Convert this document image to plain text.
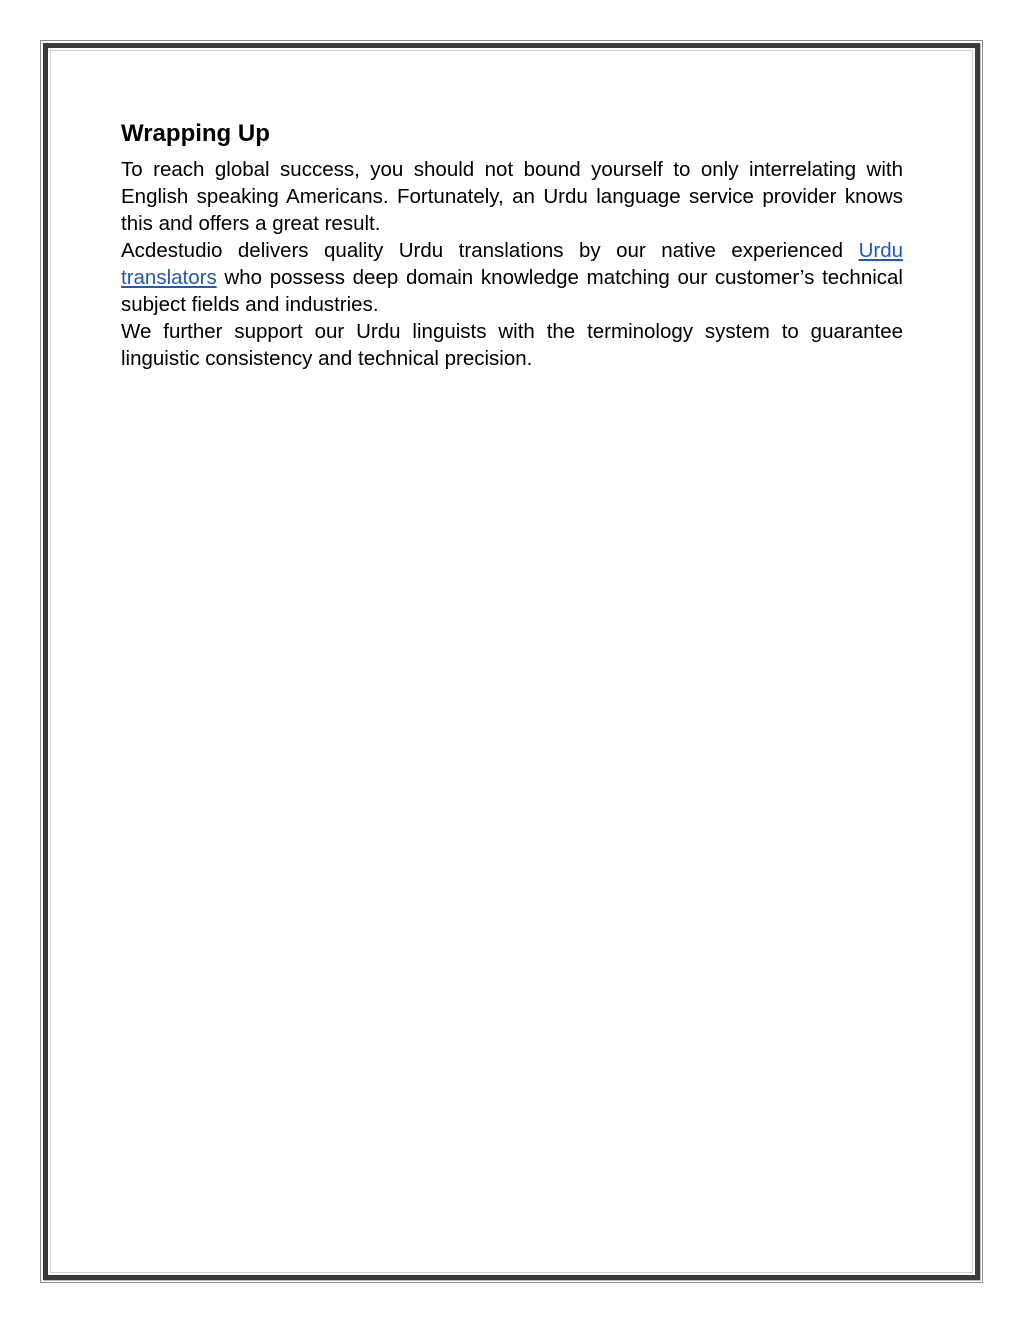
Wrapping Up

To reach global success, you should not bound yourself to only interrelating with English speaking Americans. Fortunately, an Urdu language service provider knows this and offers a great result.

Acdestudio delivers quality Urdu translations by our native experienced Urdu translators who possess deep domain knowledge matching our customer’s technical subject fields and industries.

We further support our Urdu linguists with the terminology system to guarantee linguistic consistency and technical precision.
